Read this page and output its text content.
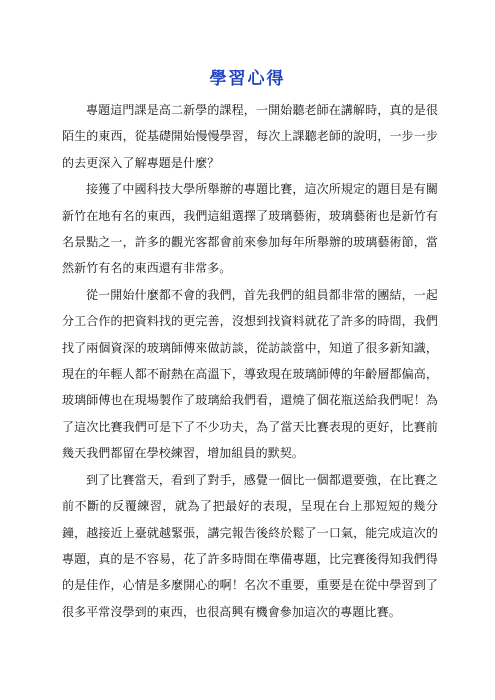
學習心得

專題這門課是高二新學的課程，一開始聽老師在講解時，真的是很陌生的東西，從基礎開始慢慢學習，每次上課聽老師的說明，一步一步的去更深入了解專題是什麼？

接獲了中國科技大學所舉辦的專題比賽，這次所規定的題目是有關新竹在地有名的東西，我們這組選擇了玻璃藝術，玻璃藝術也是新竹有名景點之一，許多的觀光客都會前來參加每年所舉辦的玻璃藝術節，當然新竹有名的東西還有非常多。

從一開始什麼都不會的我們，首先我們的組員都非常的團結，一起分工合作的把資料找的更完善，沒想到找資料就花了許多的時間，我們找了兩個資深的玻璃師傅來做訪談，從訪談當中，知道了很多新知識，現在的年輕人都不耐熱在高溫下，導致現在玻璃師傅的年齡層都偏高，玻璃師傅也在現場製作了玻璃給我們看，還燒了個花瓶送給我們呢！為了這次比賽我們可是下了不少功夫，為了當天比賽表現的更好，比賽前幾天我們都留在學校練習，增加組員的默契。

到了比賽當天，看到了對手，感覺一個比一個都還要強，在比賽之前不斷的反覆練習，就為了把最好的表現，呈現在台上那短短的幾分鐘，越接近上臺就越緊張，講完報告後終於鬆了一口氣，能完成這次的專題，真的是不容易，花了許多時間在準備專題，比完賽後得知我們得的是佳作，心情是多麼開心的啊！名次不重要，重要是在從中學習到了很多平常沒學到的東西，也很高興有機會參加這次的專題比賽。
